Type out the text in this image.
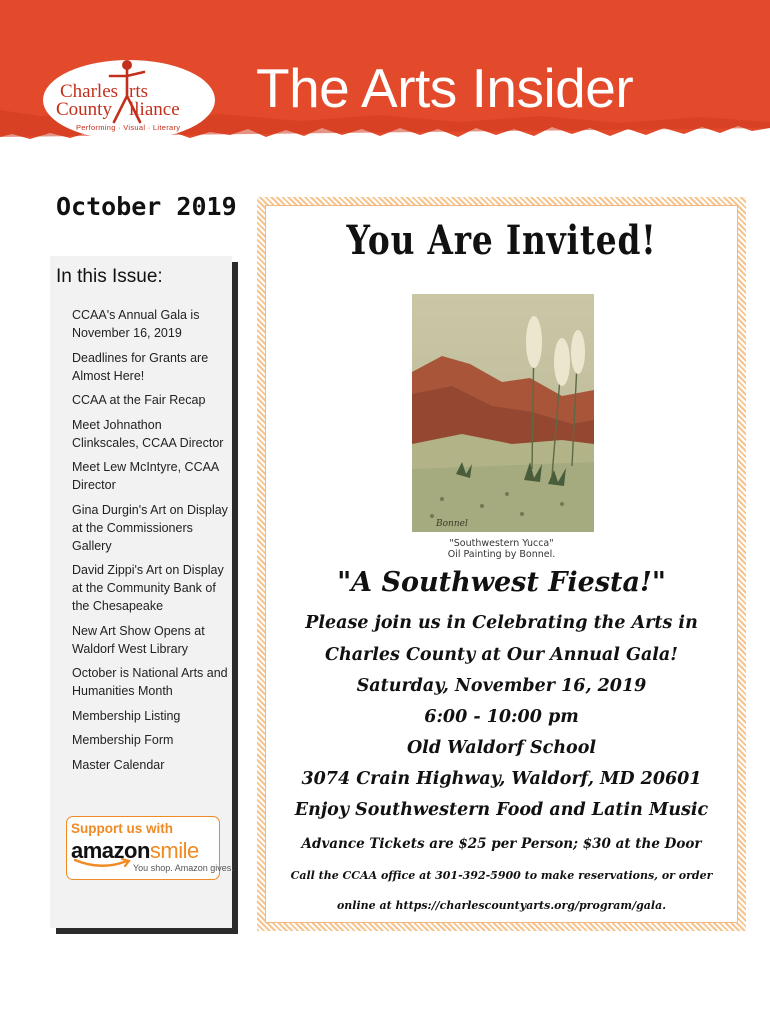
Charles rts
County lliance
Performing · Visual · Literary
The Arts Insider
October 2019
In this Issue:
CCAA's Annual Gala is November 16, 2019
Deadlines for Grants are Almost Here!
CCAA at the Fair Recap
Meet Johnathon Clinkscales, CCAA Director
Meet Lew McIntyre, CCAA Director
Gina Durgin's Art on Display at the Commissioners Gallery
David Zippi's Art on Display at the Community Bank of the Chesapeake
New Art Show Opens at Waldorf West Library
October is National Arts and Humanities Month
Membership Listing
Membership Form
Master Calendar
Support us with
amazonsmile
You shop. Amazon gives.
You Are Invited!
Bonnel
"Southwestern Yucca"
Oil Painting by Bonnel.
"A Southwest Fiesta!"
Please join us in Celebrating the Arts in
Charles County at Our Annual Gala!
Saturday, November 16, 2019
6:00 - 10:00 pm
Old Waldorf School
3074 Crain Highway, Waldorf, MD 20601
Enjoy Southwestern Food and Latin Music
Advance Tickets are $25 per Person; $30 at the Door
Call the CCAA office at 301-392-5900 to make reservations, or order
online at https://charlescountyarts.org/program/gala.
